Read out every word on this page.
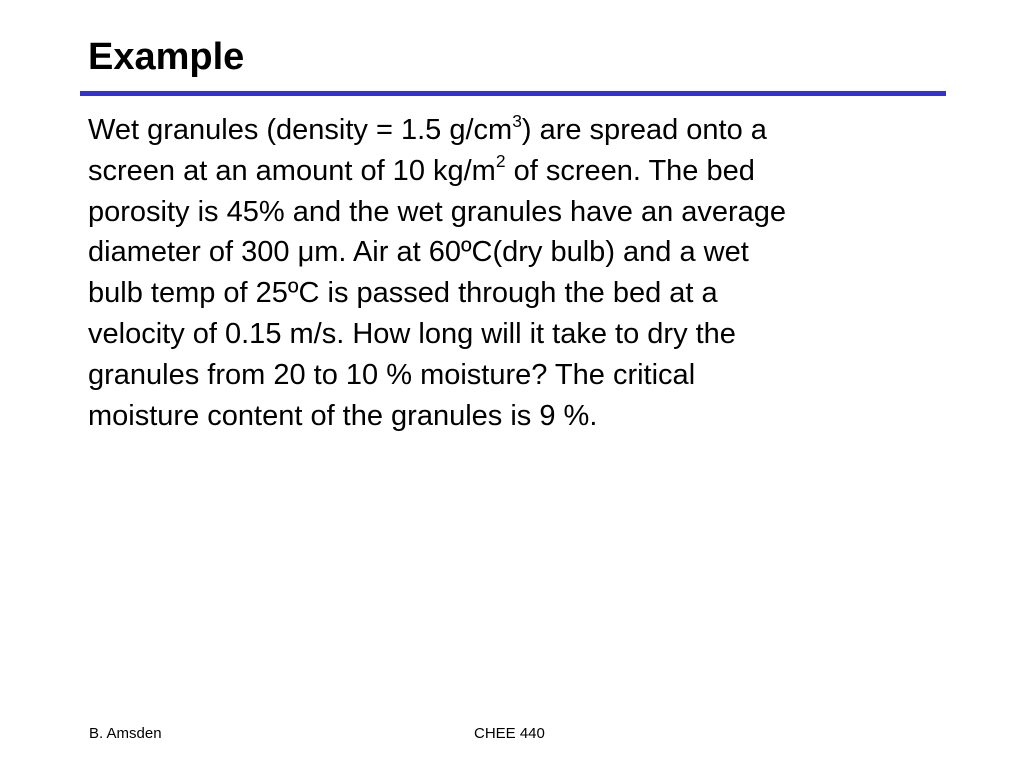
Example

Wet granules (density = 1.5 $g/cm^3$) are spread onto a
screen at an amount of 10 $kg/m^2$ of screen. The bed
porosity is 45% and the wet granules have an average
diameter of 300 μm. Air at 60ºC(dry bulb) and a wet
bulb temp of 25ºC is passed through the bed at a
velocity of 0.15 m/s. How long will it take to dry the
granules from 20 to 10 % moisture? The critical
moisture content of the granules is 9 %.

B. Amsden	CHEE 440
